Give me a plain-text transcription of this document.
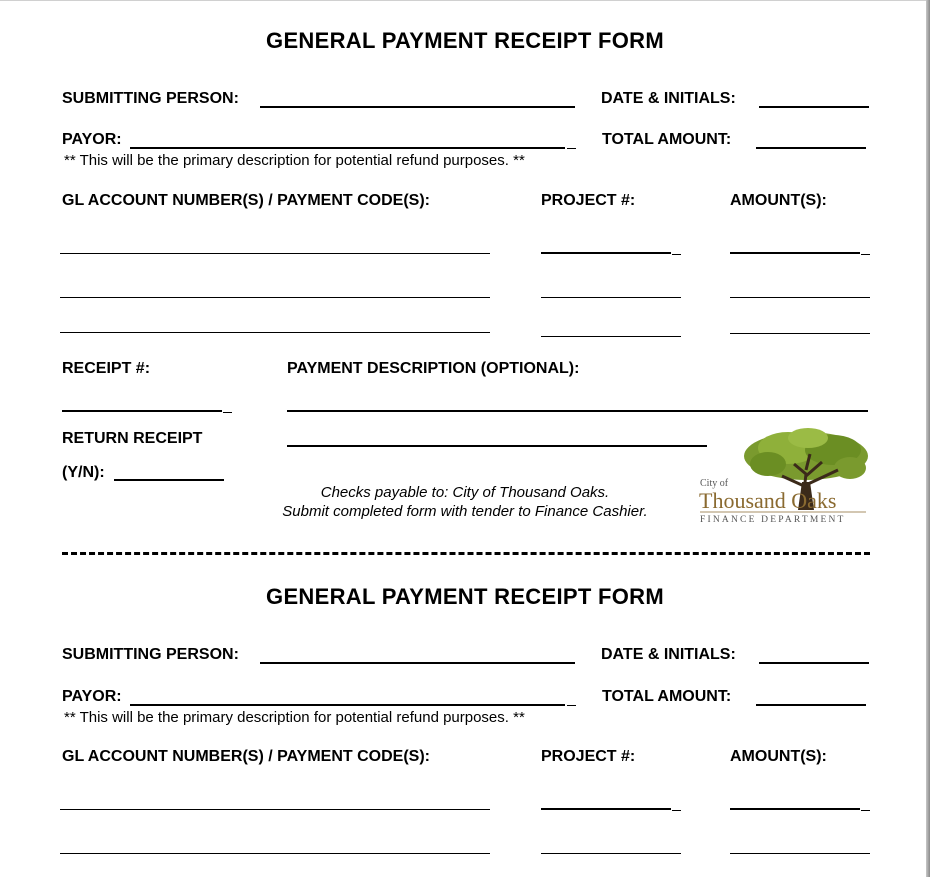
GENERAL PAYMENT RECEIPT FORM
SUBMITTING PERSON:	DATE & INITIALS:
PAYOR:	TOTAL AMOUNT:
** This will be the primary description for potential refund purposes. **
GL ACCOUNT NUMBER(S) / PAYMENT CODE(S):	PROJECT #:	AMOUNT(S):
RECEIPT #:	PAYMENT DESCRIPTION (OPTIONAL):
RETURN RECEIPT
(Y/N):
Checks payable to: City of Thousand Oaks.
Submit completed form with tender to Finance Cashier.
City of
Thousand Oaks
FINANCE DEPARTMENT
GENERAL PAYMENT RECEIPT FORM
SUBMITTING PERSON:	DATE & INITIALS:
PAYOR:	TOTAL AMOUNT:
** This will be the primary description for potential refund purposes. **
GL ACCOUNT NUMBER(S) / PAYMENT CODE(S):	PROJECT #:	AMOUNT(S):
